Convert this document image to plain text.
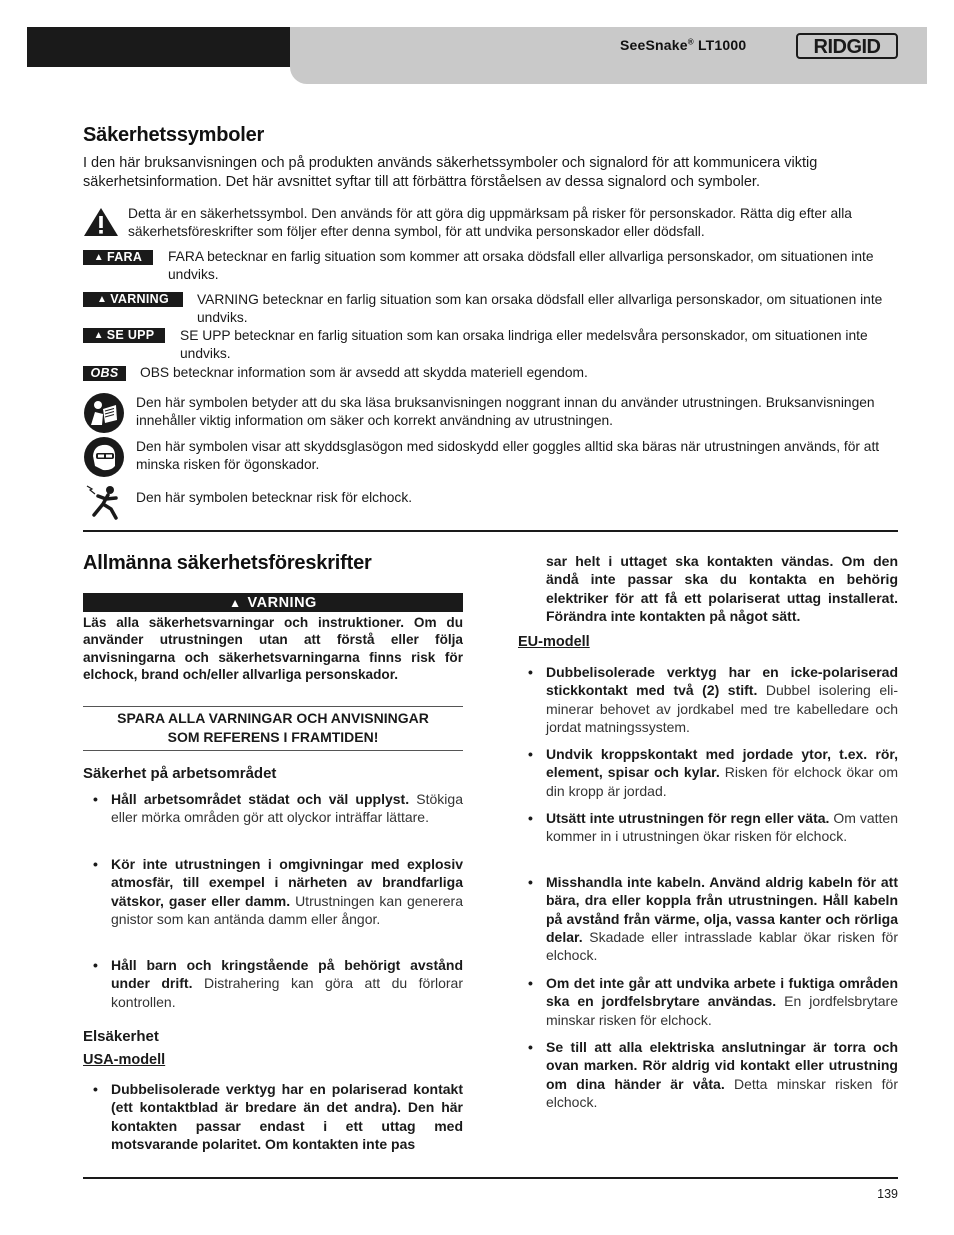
SeeSnake® LT1000	RIDGID
Säkerhetssymboler
I den här bruksanvisningen och på produkten används säkerhetssymboler och signalord för att kommunicera viktig säkerhetsinformation. Det här avsnittet syftar till att förbättra förståelsen av dessa signalord och symboler.
Detta är en säkerhetssymbol. Den används för att göra dig uppmärksam på risker för personskador. Rätta dig efter alla säkerhetsföreskrifter som följer efter denna symbol, för att undvika personskador eller dödsfall.
▲ FARA FARA betecknar en farlig situation som kommer att orsaka dödsfall eller allvarliga personskador, om situationen inte undviks.
▲ VARNING VARNING betecknar en farlig situation som kan orsaka dödsfall eller allvarliga personskador, om situationen inte undviks.
▲ SE UPP SE UPP betecknar en farlig situation som kan orsaka lindriga eller medelsvåra personskador, om situationen inte undviks.
OBS	OBS betecknar information som är avsedd att skydda materiell egendom.
Den här symbolen betyder att du ska läsa bruksanvisningen noggrant innan du använder utrustningen. Bruksanvisningen innehåller viktig information om säker och korrekt användning av utrustningen.
Den här symbolen visar att skyddsglasögon med sidoskydd eller goggles alltid ska bäras när utrustningen används, för att minska risken för ögonskador.
Den här symbolen betecknar risk för elchock.
Allmänna säkerhetsföreskrifter
▲ VARNING
Läs alla säkerhetsvarningar och instruktioner. Om du använder utrustningen utan att förstå eller följa anvisningarna och säkerhetsvarningarna finns risk för elchock, brand och/eller allvarliga personskador.
SPARA ALLA VARNINGAR OCH ANVISNINGAR
SOM REFERENS I FRAMTIDEN!
Säkerhet på arbetsområdet
• Håll arbetsområdet städat och väl upplyst. Stökiga eller mörka områden gör att olyckor inträffar lättare.
• Kör inte utrustningen i omgivningar med explosiv atmosfär, till exempel i närheten av brandfarliga vätskor, gaser eller damm. Utrustningen kan generera gnistor som kan antända damm eller ångor.
• Håll barn och kringstående på behörigt avstånd under drift. Distrahering kan göra att du förlorar kontrollen.
Elsäkerhet
USA-modell
• Dubbelisolerade verktyg har en polariserad kontakt (ett kontaktblad är bredare än det andra). Den här kontakten passar endast i ett uttag med motsvarande polaritet. Om kontakten inte pas
sar helt i uttaget ska kontakten vändas. Om den ändå inte passar ska du kontakta en behörig elektriker för att få ett polariserat uttag installerat. Förändra inte kontakten på något sätt.
EU-modell
• Dubbelisolerade verktyg har en icke-polariserad stickkontakt med två (2) stift. Dubbel isolering eliminerar behovet av jordkabel med tre kabelledare och jordat matningssystem.
• Undvik kroppskontakt med jordade ytor, t.ex. rör, element, spisar och kylar. Risken för elchock ökar om din kropp är jordad.
• Utsätt inte utrustningen för regn eller väta. Om vatten kommer in i utrustningen ökar risken för elchock.
• Misshandla inte kabeln. Använd aldrig kabeln för att bära, dra eller koppla från utrustningen. Håll kabeln på avstånd från värme, olja, vassa kanter och rörliga delar. Skadade eller intrasslade kablar ökar risken för elchock.
• Om det inte går att undvika arbete i fuktiga områden ska en jordfelsbrytare användas. En jordfelsbrytare minskar risken för elchock.
• Se till att alla elektriska anslutningar är torra och ovan marken. Rör aldrig vid kontakt eller utrustning om dina händer är våta. Detta minskar risken för elchock.
139
